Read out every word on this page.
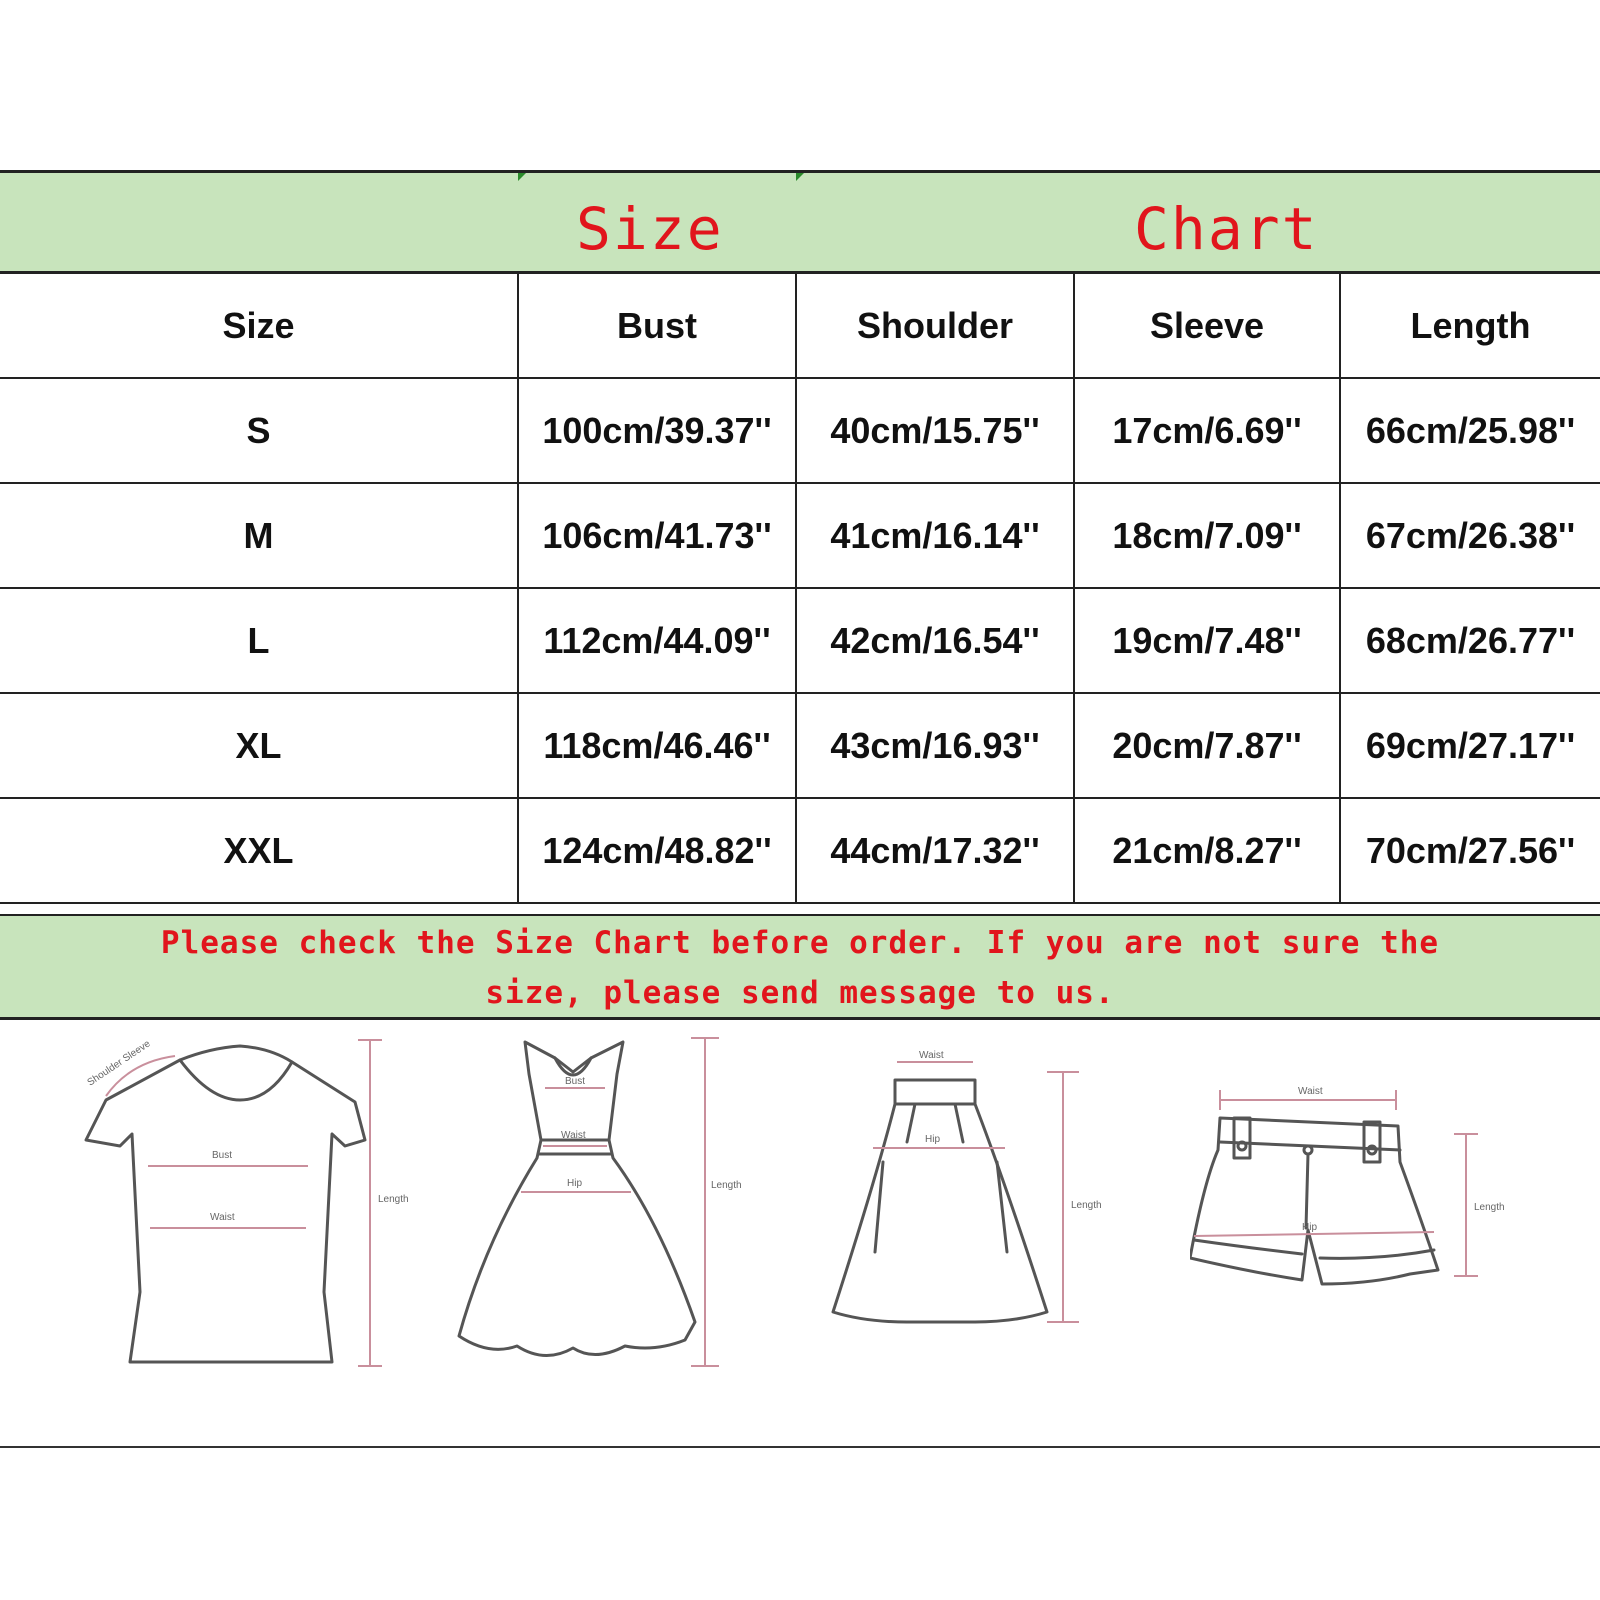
Size	Chart
Size	Bust	Shoulder	Sleeve	Length
S	100cm/39.37''	40cm/15.75''	17cm/6.69''	66cm/25.98''
M	106cm/41.73''	41cm/16.14''	18cm/7.09''	67cm/26.38''
L	112cm/44.09''	42cm/16.54''	19cm/7.48''	68cm/26.77''
XL	118cm/46.46''	43cm/16.93''	20cm/7.87''	69cm/27.17''
XXL	124cm/48.82''	44cm/17.32''	21cm/8.27''	70cm/27.56''
Please check the Size Chart before order. If you are not sure the
size, please send message to us.
Shoulder Sleeve
Bust
Waist
Length
Bust
Waist
Hip	Length
Waist
Hip
Length
Waist
Hip
Length
